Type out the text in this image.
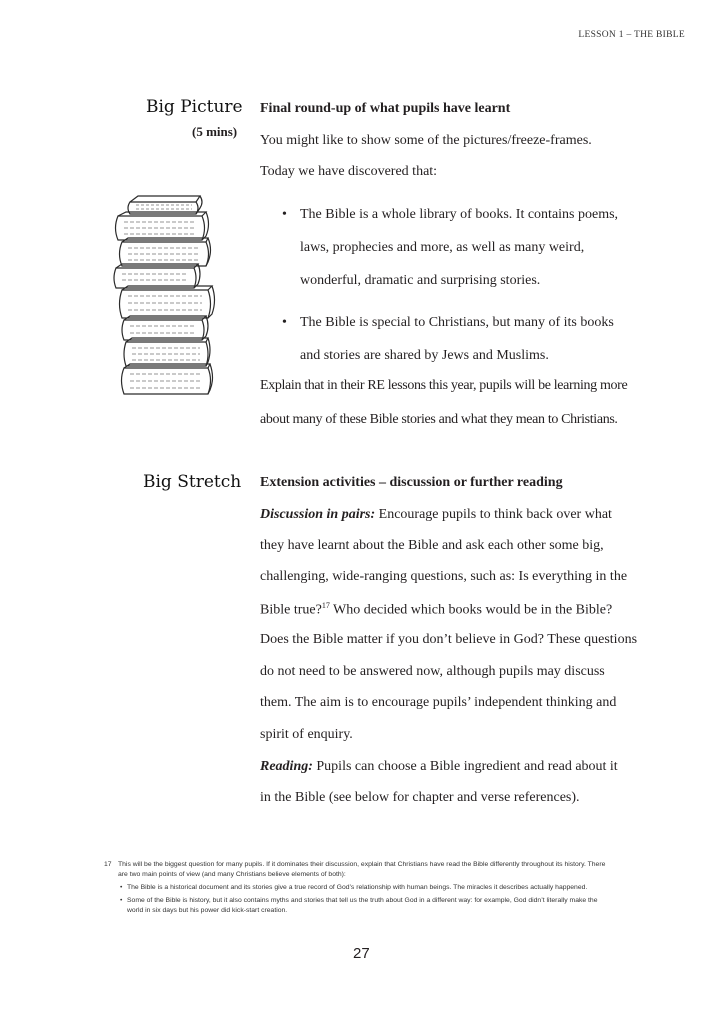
LESSON 1 – THE BIBLE
Big Picture
(5 mins)
Final round-up of what pupils have learnt
You might like to show some of the pictures/freeze-frames.
Today we have discovered that:
• The Bible is a whole library of books. It contains poems,
laws, prophecies and more, as well as many weird,
wonderful, dramatic and surprising stories.
• The Bible is special to Christians, but many of its books
and stories are shared by Jews and Muslims.
Explain that in their RE lessons this year, pupils will be learning more
about many of these Bible stories and what they mean to Christians.
Big Stretch Extension activities – discussion or further reading
Discussion in pairs: Encourage pupils to think back over what
they have learnt about the Bible and ask each other some big,
challenging, wide-ranging questions, such as: Is everything in the
Bible true?$^{17}$ Who decided which books would be in the Bible?
Does the Bible matter if you don’t believe in God? These questions
do not need to be answered now, although pupils may discuss
them. The aim is to encourage pupils’ independent thinking and
spirit of enquiry.
Reading: Pupils can choose a Bible ingredient and read about it
in the Bible (see below for chapter and verse references).
17 This will be the biggest question for many pupils. If it dominates their discussion, explain that Christians have read the Bible differently throughout its history. There
are two main points of view (and many Christians believe elements of both):
• The Bible is a historical document and its stories give a true record of God’s relationship with human beings. The miracles it describes actually happened.
• Some of the Bible is history, but it also contains myths and stories that tell us the truth about God in a different way: for example, God didn’t literally make the
world in six days but his power did kick-start creation.
27
